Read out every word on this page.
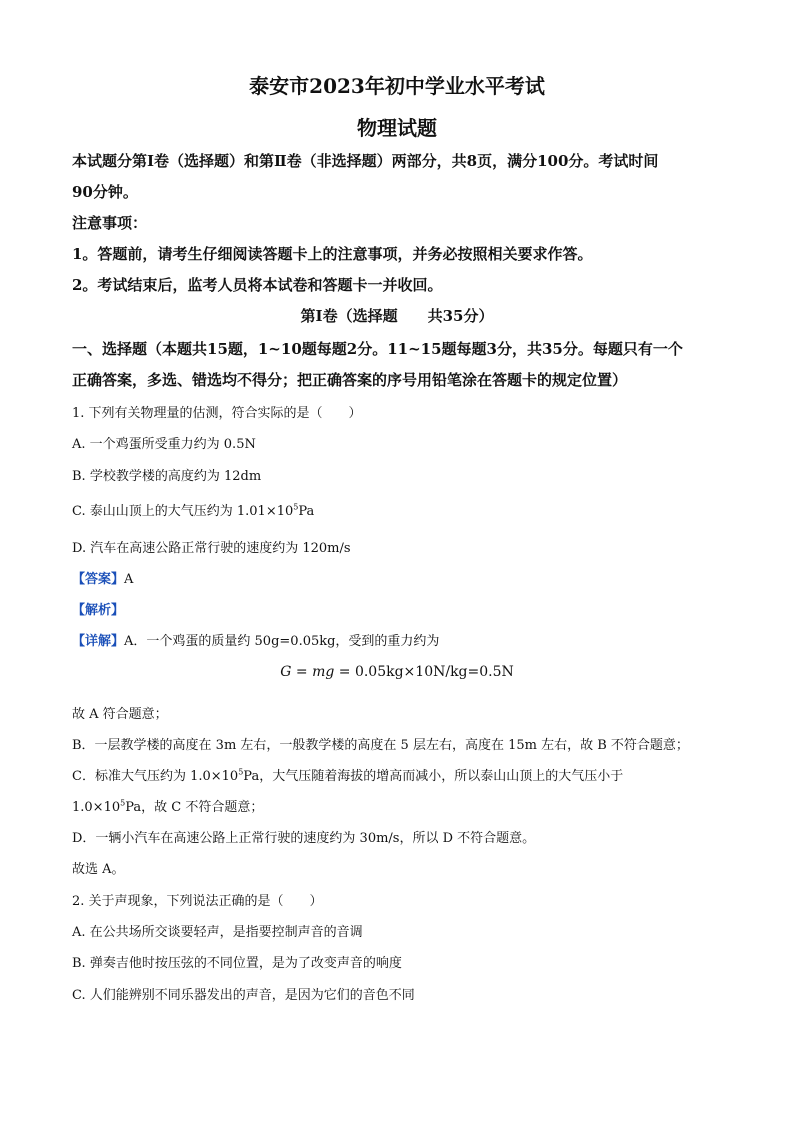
泰安市2023年初中学业水平考试
物理试题
本试题分第Ⅰ卷（选择题）和第Ⅱ卷（非选择题）两部分，共8页，满分100分。考试时间
90分钟。
注意事项：
1。答题前，请考生仔细阅读答题卡上的注意事项，并务必按照相关要求作答。
2。考试结束后，监考人员将本试卷和答题卡一并收回。
第Ⅰ卷（选择题　　共35分）
一、选择题（本题共15题，1~10题每题2分。11~15题每题3分，共35分。每题只有一个
正确答案，多选、错选均不得分；把正确答案的序号用铅笔涂在答题卡的规定位置）
1. 下列有关物理量的估测，符合实际的是（　　）
A. 一个鸡蛋所受重力约为 0.5N
B. 学校教学楼的高度约为 12dm
C. 泰山山顶上的大气压约为 $1.01\times 10^5Pa$
D. 汽车在高速公路正常行驶的速度约为 120m/s
【答案】A
【解析】
【详解】A．一个鸡蛋的质量约 50g=0.05kg，受到的重力约为
G = mg = 0.05kg×10N/kg=0.5N
故 A 符合题意；
B．一层教学楼的高度在 3m 左右，一般教学楼的高度在 5 层左右，高度在 15m 左右，故 B 不符合题意；
C．标准大气压约为 $1.0\times 10^5Pa$，大气压随着海拔的增高而减小，所以泰山山顶上的大气压小于
$1.0\times 10^5Pa$，故 C 不符合题意；
D．一辆小汽车在高速公路上正常行驶的速度约为 30m/s，所以 D 不符合题意。
故选 A。
2. 关于声现象，下列说法正确的是（　　）
A. 在公共场所交谈要轻声，是指要控制声音的音调
B. 弹奏吉他时按压弦的不同位置，是为了改变声音的响度
C. 人们能辨别不同乐器发出的声音，是因为它们的音色不同
